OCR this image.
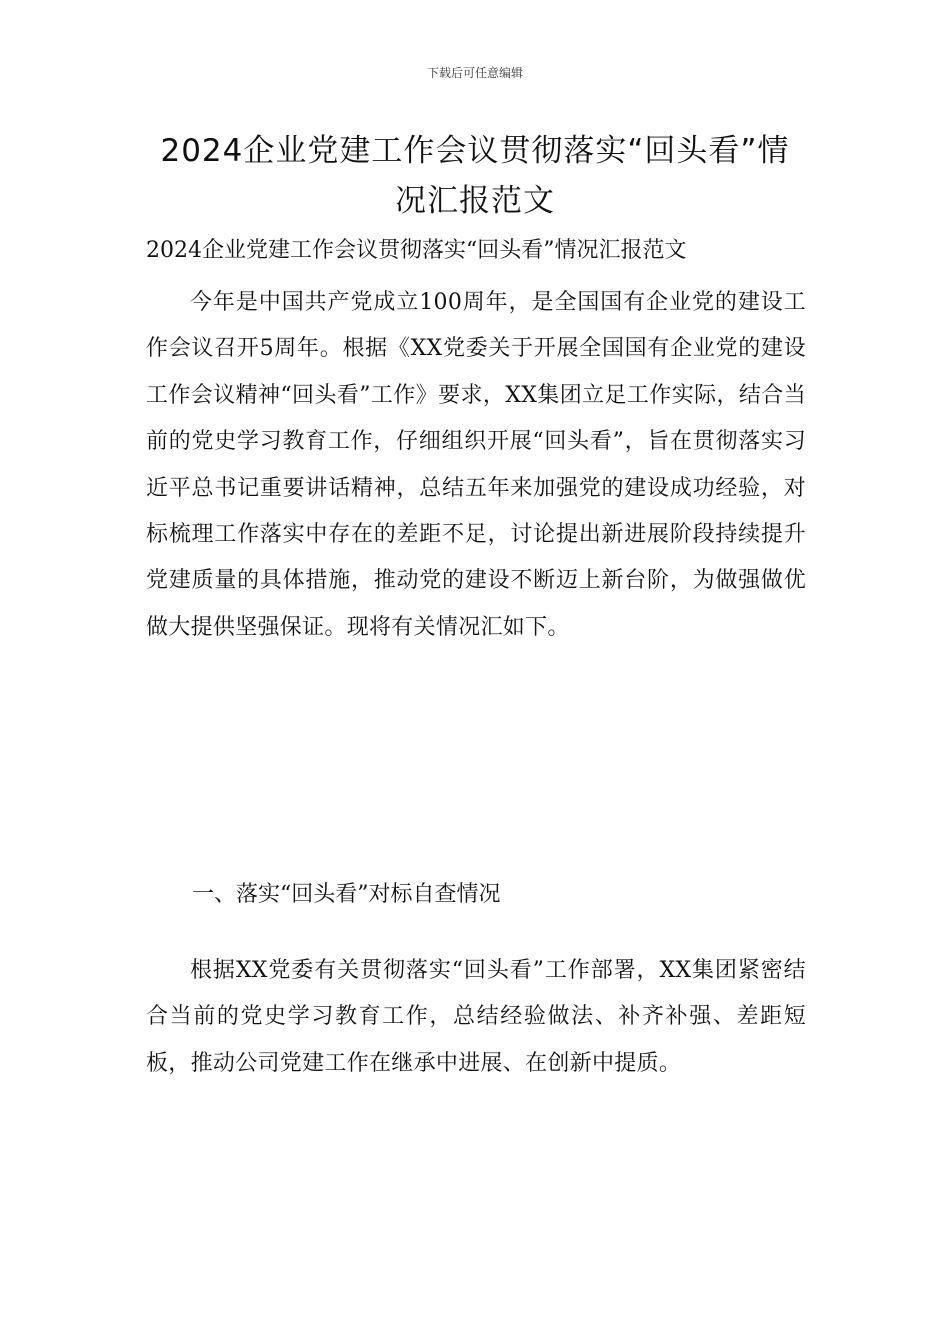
下载后可任意编辑
2024企业党建工作会议贯彻落实“回头看”情况汇报范文
2024企业党建工作会议贯彻落实“回头看”情况汇报范文

今年是中国共产党成立100周年，是全国国有企业党的建设工作会议召开5周年。根据《XX党委关于开展全国国有企业党的建设工作会议精神“回头看”工作》要求，XX集团立足工作实际，结合当前的党史学习教育工作，仔细组织开展“回头看”，旨在贯彻落实习近平总书记重要讲话精神，总结五年来加强党的建设成功经验，对标梳理工作落实中存在的差距不足，讨论提出新进展阶段持续提升党建质量的具体措施，推动党的建设不断迈上新台阶，为做强做优做大提供坚强保证。现将有关情况汇如下。

一、落实“回头看”对标自查情况

根据XX党委有关贯彻落实“回头看”工作部署，XX集团紧密结合当前的党史学习教育工作，总结经验做法、补齐补强、差距短板，推动公司党建工作在继承中进展、在创新中提质。
